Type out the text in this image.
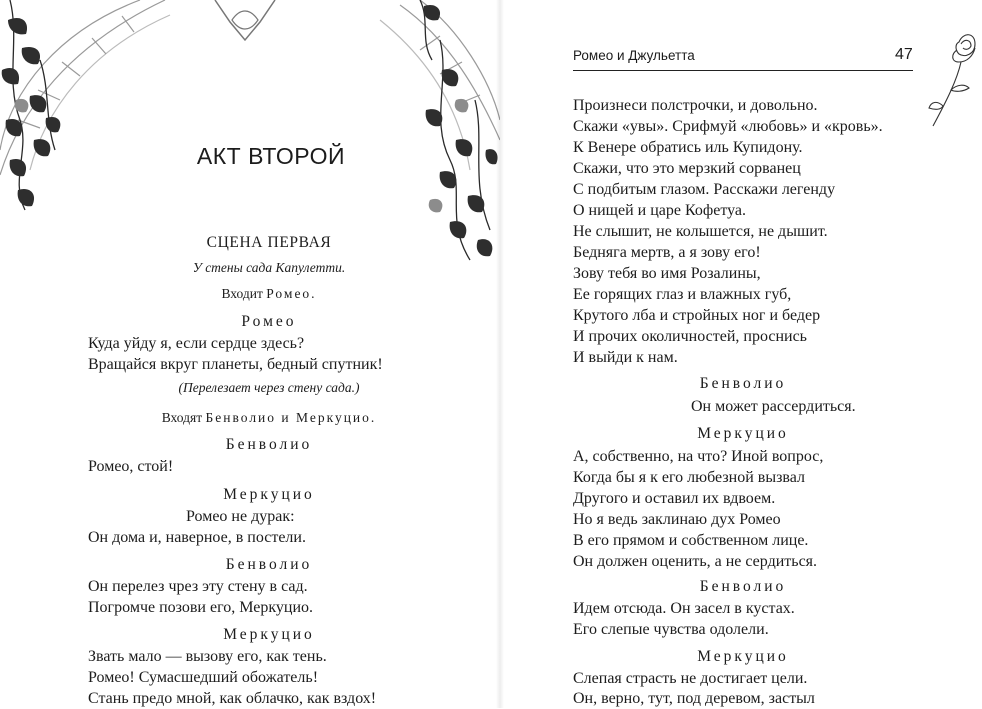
АКТ ВТОРОЙ
СЦЕНА ПЕРВАЯ
У стены сада Капулетти.
Входит Ромео.
Ромео
Куда уйду я, если сердце здесь?
Вращайся вкруг планеты, бедный спутник!
(Перелезает через стену сада.)
Входят Бенволио и Меркуцио.
Бенволио
Ромео, стой!
Меркуцио
Ромео не дурак:
Он дома и, наверное, в постели.
Бенволио
Он перелез чрез эту стену в сад.
Погромче позови его, Меркуцио.
Меркуцио
Звать мало — вызову его, как тень.
Ромео! Сумасшедший обожатель!
Стань предо мной, как облачко, как вздох!
Ромео и Джульетта	47
Произнеси полстрочки, и довольно.
Скажи «увы». Срифмуй «любовь» и «кровь».
К Венере обратись иль Купидону.
Скажи, что это мерзкий сорванец
С подбитым глазом. Расскажи легенду
О нищей и царе Кофетуа.
Не слышит, не колышется, не дышит.
Бедняга мертв, а я зову его!
Зову тебя во имя Розалины,
Ее горящих глаз и влажных губ,
Крутого лба и стройных ног и бедер
И прочих околичностей, проснись
И выйди к нам.
Бенволио
Он может рассердиться.
Меркуцио
А, собственно, на что? Иной вопрос,
Когда бы я к его любезной вызвал
Другого и оставил их вдвоем.
Но я ведь заклинаю дух Ромео
В его прямом и собственном лице.
Он должен оценить, а не сердиться.
Бенволио
Идем отсюда. Он засел в кустах.
Его слепые чувства одолели.
Меркуцио
Слепая страсть не достигает цели.
Он, верно, тут, под деревом, застыл
